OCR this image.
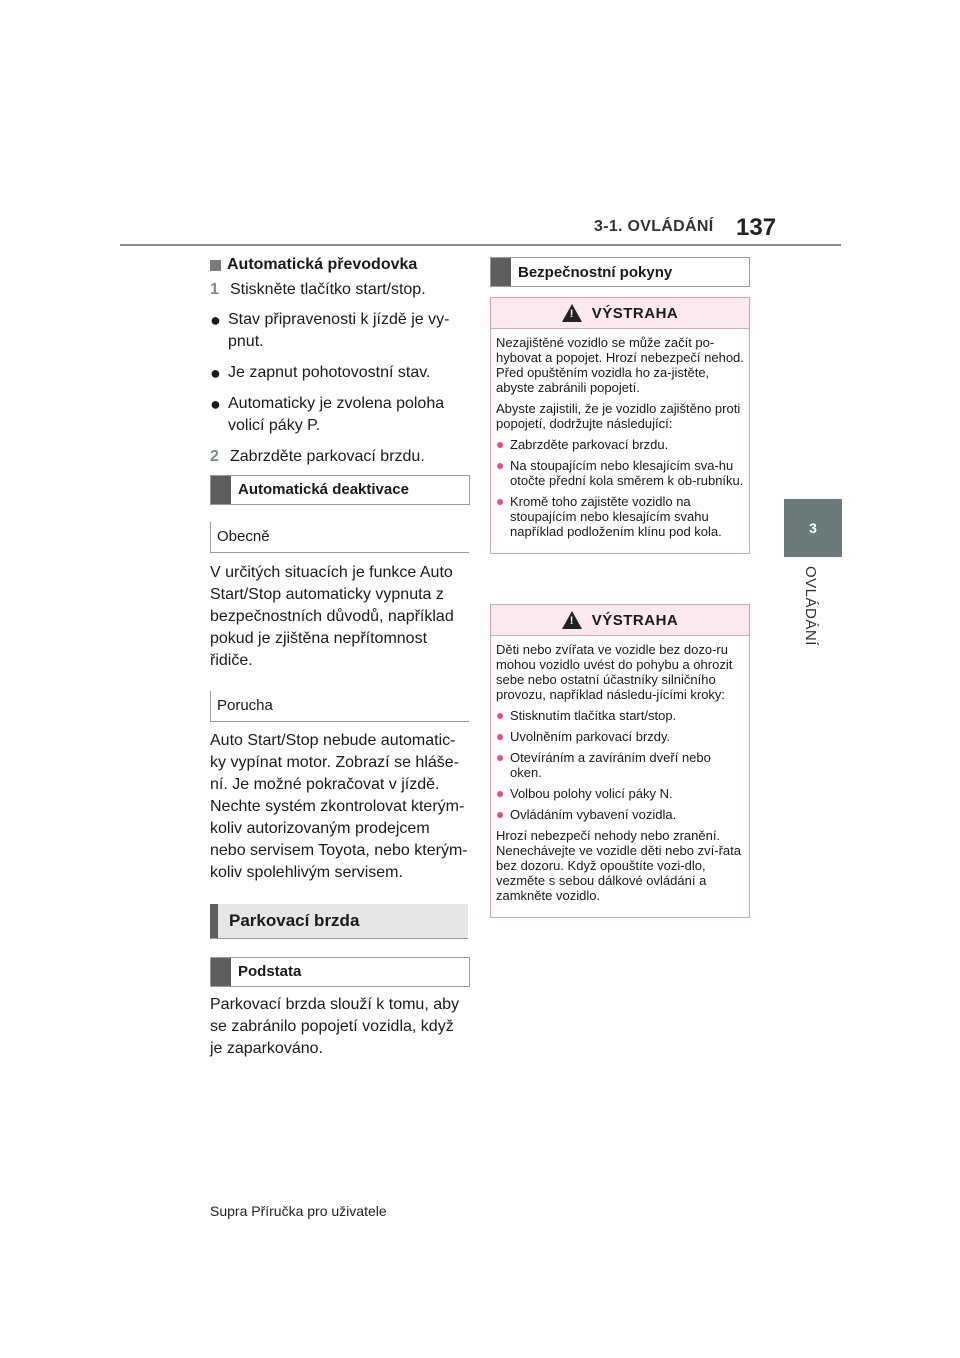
3-1. OVLÁDÁNÍ 137
3
OVLÁDÁNÍ
Automatická převodovka
1 Stiskněte tlačítko start/stop.
● Stav připravenosti k jízdě je vy-pnut.
● Je zapnut pohotovostní stav.
● Automaticky je zvolena poloha volicí páky P.
2 Zabrzděte parkovací brzdu.
Automatická deaktivace
Obecně
V určitých situacích je funkce Auto Start/Stop automaticky vypnuta z bezpečnostních důvodů, například pokud je zjištěna nepřítomnost řidiče.
Porucha
Auto Start/Stop nebude automatic-ky vypínat motor. Zobrazí se hláše-ní. Je možné pokračovat v jízdě. Nechte systém zkontrolovat kterým-koliv autorizovaným prodejcem nebo servisem Toyota, nebo kterým-koliv spolehlivým servisem.
Parkovací brzda
Podstata
Parkovací brzda slouží k tomu, aby se zabránilo popojetí vozidla, když je zaparkováno.
Bezpečnostní pokyny
! VÝSTRAHA

Nezajištěné vozidlo se může začít po-hybovat a popojet. Hrozí nebezpečí nehod. Před opuštěním vozidla ho za-jistěte, abyste zabránili popojetí.

Abyste zajistili, že je vozidlo zajištěno proti popojetí, dodržujte následující:

● Zabrzděte parkovací brzdu.
● Na stoupajícím nebo klesajícím sva-hu otočte přední kola směrem k ob-rubníku.
● Kromě toho zajistěte vozidlo na stoupajícím nebo klesajícím svahu například podložením klínu pod kola.
! VÝSTRAHA

Děti nebo zvířata ve vozidle bez dozo-ru mohou vozidlo uvést do pohybu a ohrozit sebe nebo ostatní účastníky silničního provozu, například následu-jícími kroky:

● Stisknutím tlačítka start/stop.
● Uvolněním parkovací brzdy.
● Otevíráním a zavíráním dveří nebo oken.
● Volbou polohy volicí páky N.
● Ovládáním vybavení vozidla.

Hrozí nebezpečí nehody nebo zranění. Nenechávejte ve vozidle děti nebo zví-řata bez dozoru. Když opouštíte vozi-dlo, vezměte s sebou dálkové ovládání a zamkněte vozidlo.

Supra Příručka pro uživatele
